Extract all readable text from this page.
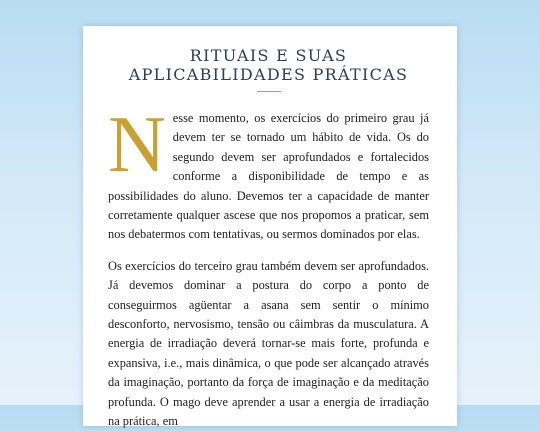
RITUAIS E SUAS APLICABILIDADES PRÁTICAS

Nesse momento, os exercícios do primeiro grau já devem ter se tornado um hábito de vida. Os do segundo devem ser aprofundados e fortalecidos conforme a disponibilidade de tempo e as possibilidades do aluno. Devemos ter a capacidade de manter corretamente qualquer ascese que nos propomos a praticar, sem nos debatermos com tentativas, ou sermos dominados por elas.

Os exercícios do terceiro grau também devem ser aprofundados. Já devemos dominar a postura do corpo a ponto de conseguirmos agüentar a asana sem sentir o mínimo desconforto, nervosismo, tensão ou câimbras da musculatura. A energia de irradiação deverá tornar-se mais forte, profunda e expansiva, i.e., mais dinâmica, o que pode ser alcançado através da imaginação, portanto da força de imaginação e da meditação profunda. O mago deve aprender a usar a energia de irradiação na prática, em
